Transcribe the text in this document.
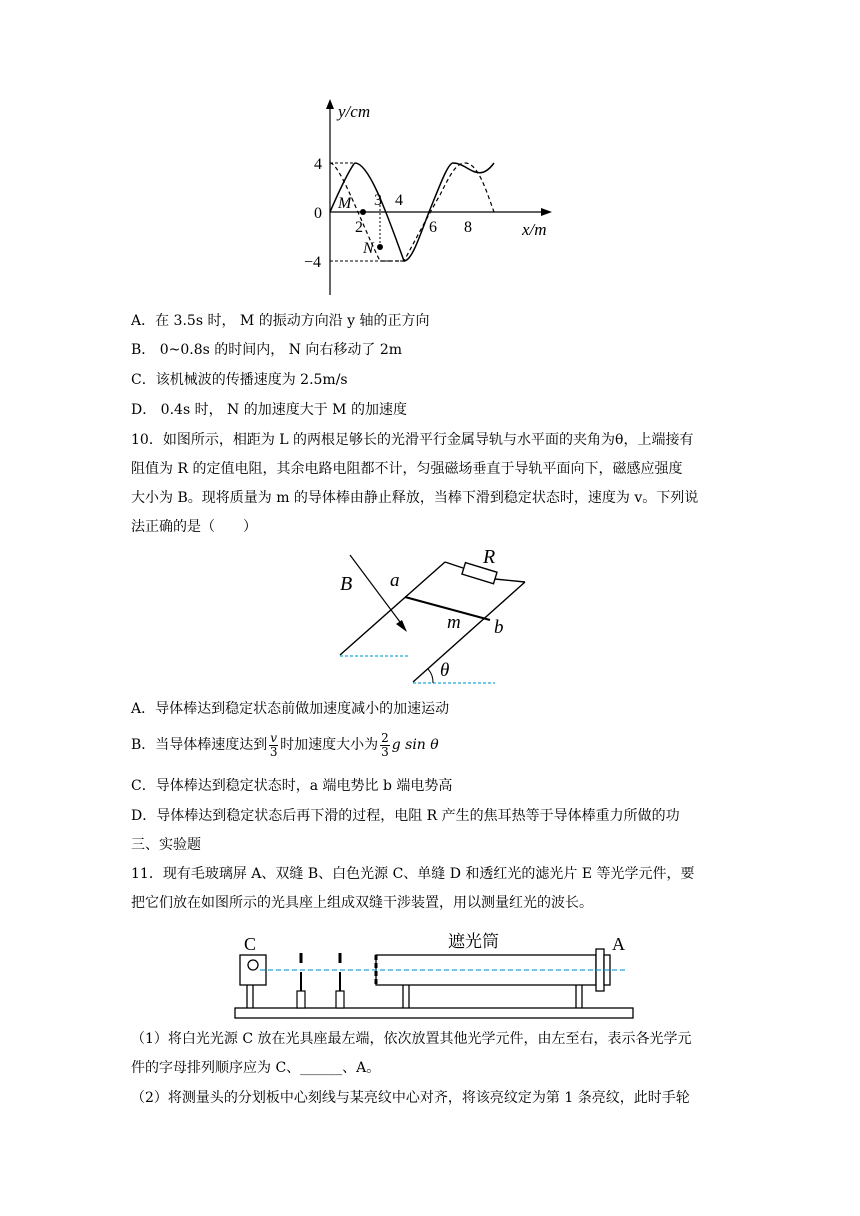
y/cm
x/m
4
0
−4
2
3 4
6 8
M
N
A．在 3.5s 时， M 的振动方向沿 y 轴的正方向
B． 0~0.8s 的时间内， N 向右移动了 2m
C．该机械波的传播速度为 2.5m/s
D． 0.4s 时， N 的加速度大于 M 的加速度
10．如图所示，相距为 L 的两根足够长的光滑平行金属导轨与水平面的夹角为θ，上端接有
阻值为 R 的定值电阻，其余电路电阻都不计，匀强磁场垂直于导轨平面向下，磁感应强度
大小为 B。现将质量为 m 的导体棒由静止释放，当棒下滑到稳定状态时，速度为 v。下列说
法正确的是（　　）
B a
R
m b
θ
A．导体棒达到稳定状态前做加速度减小的加速运动
B．当导体棒速度达到 $\frac{v}{3}$ 时加速度大小为 $\frac{2}{3}$ g sin θ
C．导体棒达到稳定状态时，a 端电势比 b 端电势高
D．导体棒达到稳定状态后再下滑的过程，电阻 R 产生的焦耳热等于导体棒重力所做的功
三、实验题
11．现有毛玻璃屏 A、双缝 B、白色光源 C、单缝 D 和透红光的滤光片 E 等光学元件，要
把它们放在如图所示的光具座上组成双缝干涉装置，用以测量红光的波长。
C	A
遮光筒
（1）将白光光源 C 放在光具座最左端，依次放置其他光学元件，由左至右，表示各光学元
件的字母排列顺序应为 C、______、A。
（2）将测量头的分划板中心刻线与某亮纹中心对齐，将该亮纹定为第 1 条亮纹，此时手轮
